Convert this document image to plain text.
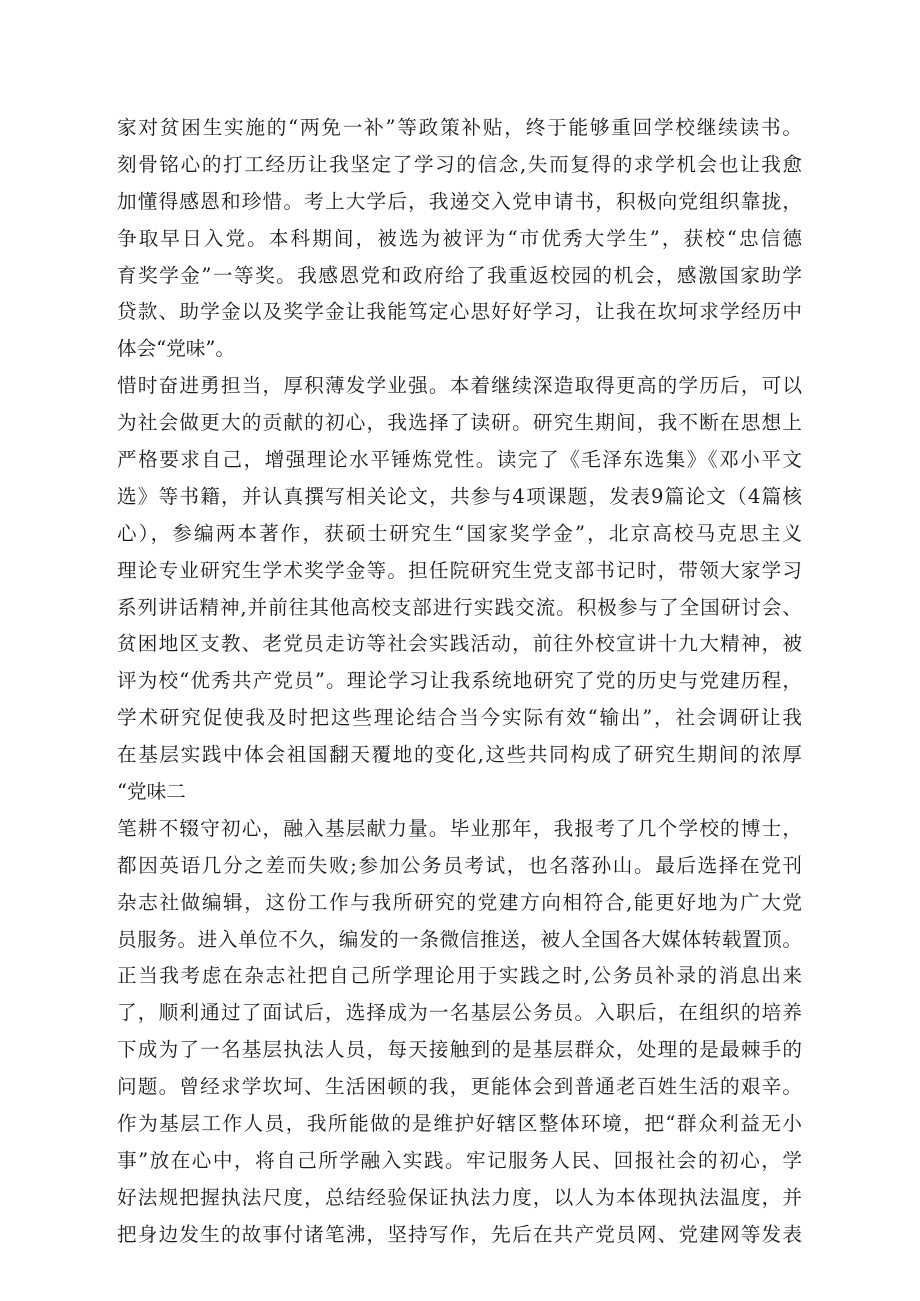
家对贫困生实施的“两免一补”等政策补贴，终于能够重回学校继续读书。
刻骨铭心的打工经历让我坚定了学习的信念,失而复得的求学机会也让我愈
加懂得感恩和珍惜。考上大学后，我递交入党申请书，积极向党组织靠拢，
争取早日入党。本科期间，被选为被评为“市优秀大学生”，获校“忠信德
育奖学金”一等奖。我感恩党和政府给了我重返校园的机会，感激国家助学
贷款、助学金以及奖学金让我能笃定心思好好学习，让我在坎坷求学经历中
体会“党味”。
惜时奋进勇担当，厚积薄发学业强。本着继续深造取得更高的学历后，可以
为社会做更大的贡献的初心，我选择了读研。研究生期间，我不断在思想上
严格要求自己，增强理论水平锤炼党性。读完了《毛泽东选集》《邓小平文
选》等书籍，并认真撰写相关论文，共参与4项课题，发表9篇论文（4篇核
心），参编两本著作，获硕士研究生“国家奖学金”，北京高校马克思主义
理论专业研究生学术奖学金等。担任院研究生党支部书记时，带领大家学习
系列讲话精神,并前往其他高校支部进行实践交流。积极参与了全国研讨会、
贫困地区支教、老党员走访等社会实践活动，前往外校宣讲十九大精神，被
评为校“优秀共产党员”。理论学习让我系统地研究了党的历史与党建历程，
学术研究促使我及时把这些理论结合当今实际有效“输出”，社会调研让我
在基层实践中体会祖国翻天覆地的变化,这些共同构成了研究生期间的浓厚
“党味二
笔耕不辍守初心，融入基层献力量。毕业那年，我报考了几个学校的博士，
都因英语几分之差而失败;参加公务员考试，也名落孙山。最后选择在党刊
杂志社做编辑，这份工作与我所研究的党建方向相符合,能更好地为广大党
员服务。进入单位不久，编发的一条微信推送，被人全国各大媒体转载置顶。
正当我考虑在杂志社把自己所学理论用于实践之时,公务员补录的消息出来
了，顺利通过了面试后，选择成为一名基层公务员。入职后，在组织的培养
下成为了一名基层执法人员，每天接触到的是基层群众，处理的是最棘手的
问题。曾经求学坎坷、生活困顿的我，更能体会到普通老百姓生活的艰辛。
作为基层工作人员，我所能做的是维护好辖区整体环境，把“群众利益无小
事”放在心中，将自己所学融入实践。牢记服务人民、回报社会的初心，学
好法规把握执法尺度，总结经验保证执法力度，以人为本体现执法温度，并
把身边发生的故事付诸笔沸，坚持写作，先后在共产党员网、党建网等发表
